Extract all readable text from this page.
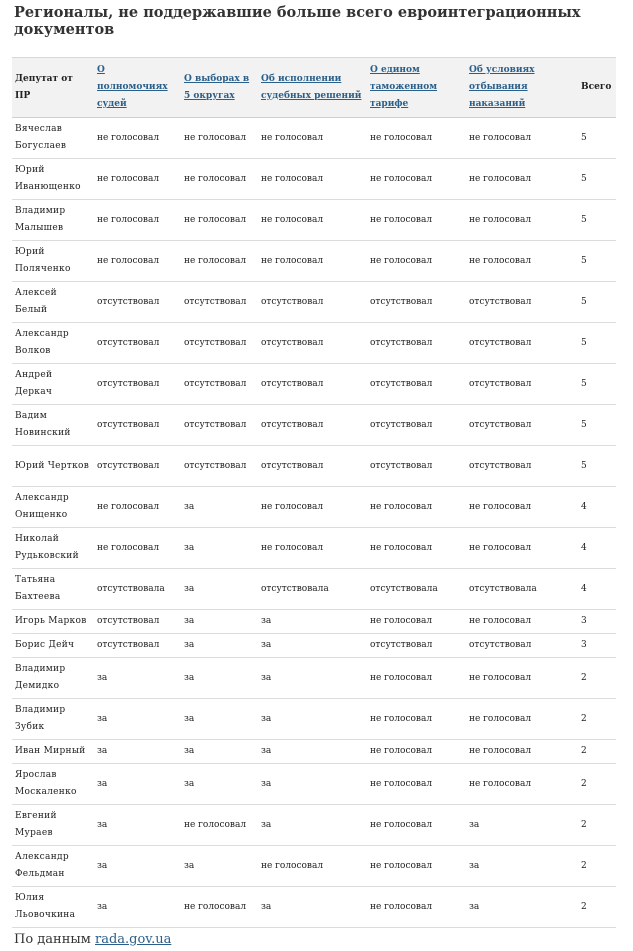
Регионалы, не поддержавшие больше всего евроинтеграционных документов
Депутат от ПР	О полномочиях судей	О выборах в 5 округах	Об исполнении судебных решений	О едином таможенном тарифе	Об условиях отбывания наказаний	Всего
Вячеслав Богуслаев	не голосовал	не голосовал	не голосовал	не голосовал	не голосовал	5
Юрий Иванющенко	не голосовал	не голосовал	не голосовал	не голосовал	не голосовал	5
Владимир Малышев	не голосовал	не голосовал	не голосовал	не голосовал	не голосовал	5
Юрий Поляченко	не голосовал	не голосовал	не голосовал	не голосовал	не голосовал	5
Алексей Белый	отсутствовал	отсутствовал	отсутствовал	отсутствовал	отсутствовал	5
Александр Волков	отсутствовал	отсутствовал	отсутствовал	отсутствовал	отсутствовал	5
Андрей Деркач	отсутствовал	отсутствовал	отсутствовал	отсутствовал	отсутствовал	5
Вадим Новинский	отсутствовал	отсутствовал	отсутствовал	отсутствовал	отсутствовал	5
Юрий Чертков	отсутствовал	отсутствовал	отсутствовал	отсутствовал	отсутствовал	5
Александр Онищенко	не голосовал	за	не голосовал	не голосовал	не голосовал	4
Николай Рудьковский	не голосовал	за	не голосовал	не голосовал	не голосовал	4
Татьяна Бахтеева	отсутствовала	за	отсутствовала	отсутствовала	отсутствовала	4
Игорь Марков	отсутствовал	за	за	не голосовал	не голосовал	3
Борис Дейч	отсутствовал	за	за	отсутствовал	отсутствовал	3
Владимир Демидко	за	за	за	не голосовал	не голосовал	2
Владимир Зубик	за	за	за	не голосовал	не голосовал	2
Иван Мирный	за	за	за	не голосовал	не голосовал	2
Ярослав Москаленко	за	за	за	не голосовал	не голосовал	2
Евгений Мураев	за	не голосовал	за	не голосовал	за	2
Александр Фельдман	за	за	не голосовал	не голосовал	за	2
Юлия Льовочкина	за	не голосовал	за	не голосовал	за	2
По данным rada.gov.ua
